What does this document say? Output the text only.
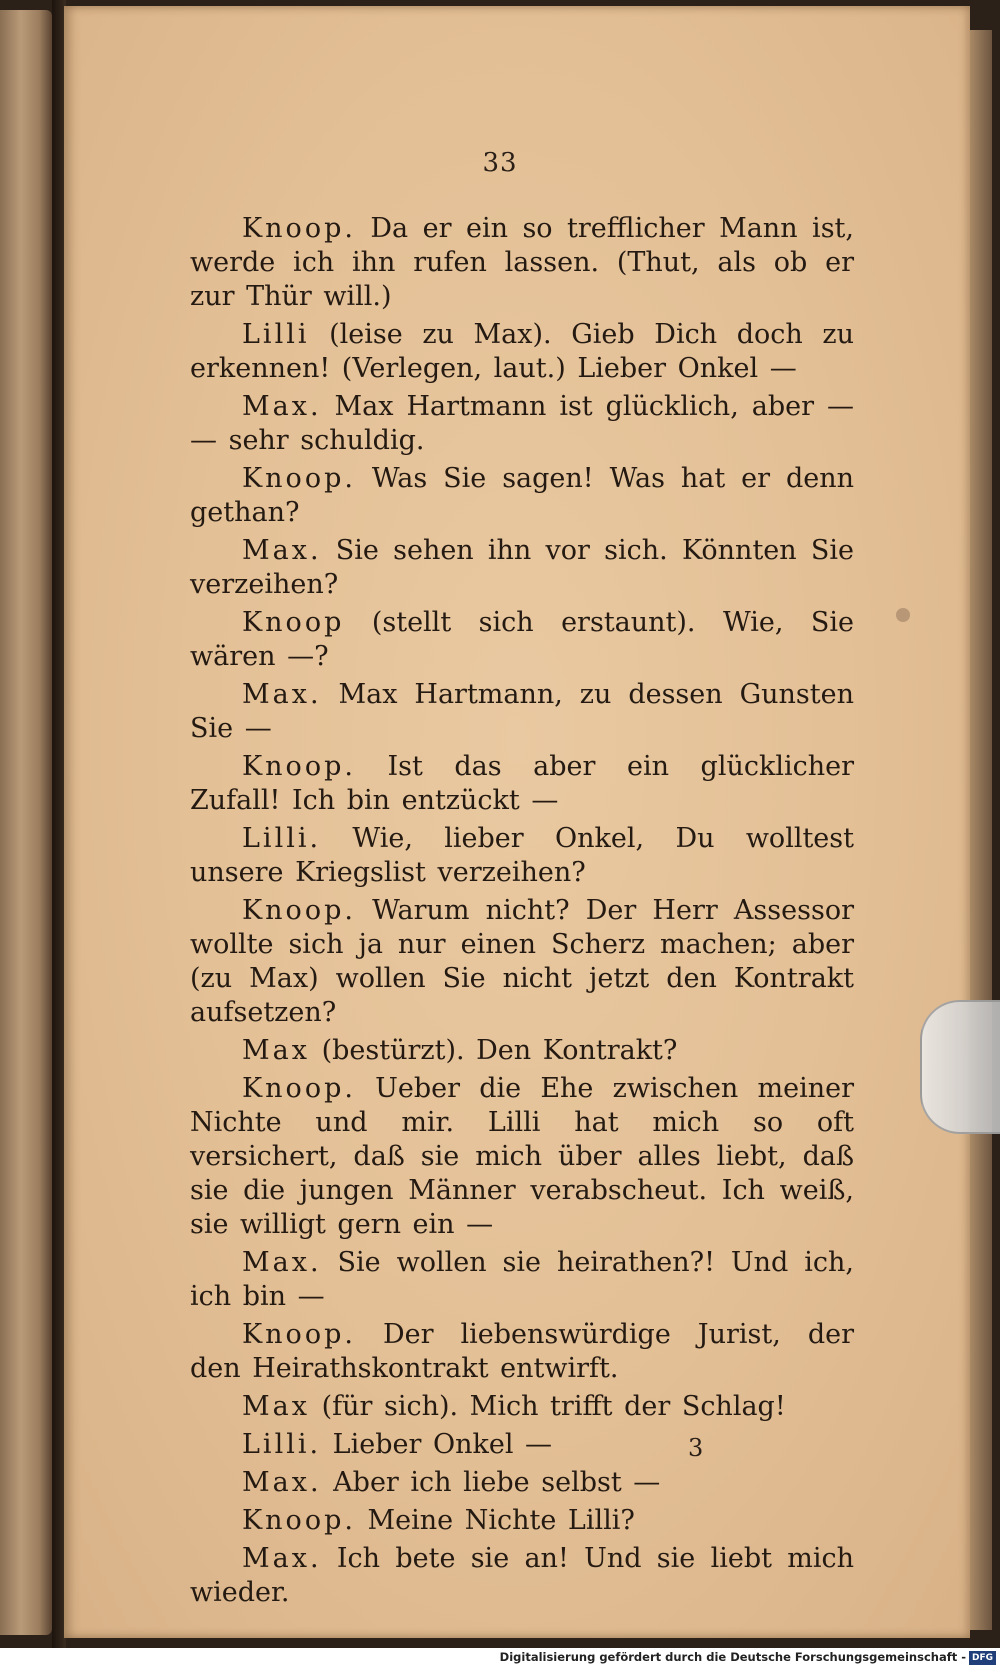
33

Knoop. Da er ein so trefflicher Mann ist, werde ich ihn rufen lassen. (Thut, als ob er zur Thür will.)

Lilli (leise zu Max). Gieb Dich doch zu erkennen! (Verlegen, laut.) Lieber Onkel —

Max. Max Hartmann ist glücklich, aber — — sehr schuldig.

Knoop. Was Sie sagen! Was hat er denn gethan?

Max. Sie sehen ihn vor sich. Könnten Sie verzeihen?

Knoop (stellt sich erstaunt). Wie, Sie wären —?

Max. Max Hartmann, zu dessen Gunsten Sie —

Knoop. Ist das aber ein glücklicher Zufall! Ich bin entzückt —

Lilli. Wie, lieber Onkel, Du wolltest unsere Kriegslist verzeihen?

Knoop. Warum nicht? Der Herr Assessor wollte sich ja nur einen Scherz machen; aber (zu Max) wollen Sie nicht jetzt den Kontrakt aufsetzen?

Max (bestürzt). Den Kontrakt?

Knoop. Ueber die Ehe zwischen meiner Nichte und mir. Lilli hat mich so oft versichert, daß sie mich über alles liebt, daß sie die jungen Männer verabscheut. Ich weiß, sie willigt gern ein —

Max. Sie wollen sie heirathen?! Und ich, ich bin —

Knoop. Der liebenswürdige Jurist, der den Heirathskontrakt entwirft.

Max (für sich). Mich trifft der Schlag!

Lilli. Lieber Onkel —

Max. Aber ich liebe selbst —

Knoop. Meine Nichte Lilli?

Max. Ich bete sie an! Und sie liebt mich wieder.

3
Digitalisierung gefördert durch die Deutsche Forschungsgemeinschaft - DFG
